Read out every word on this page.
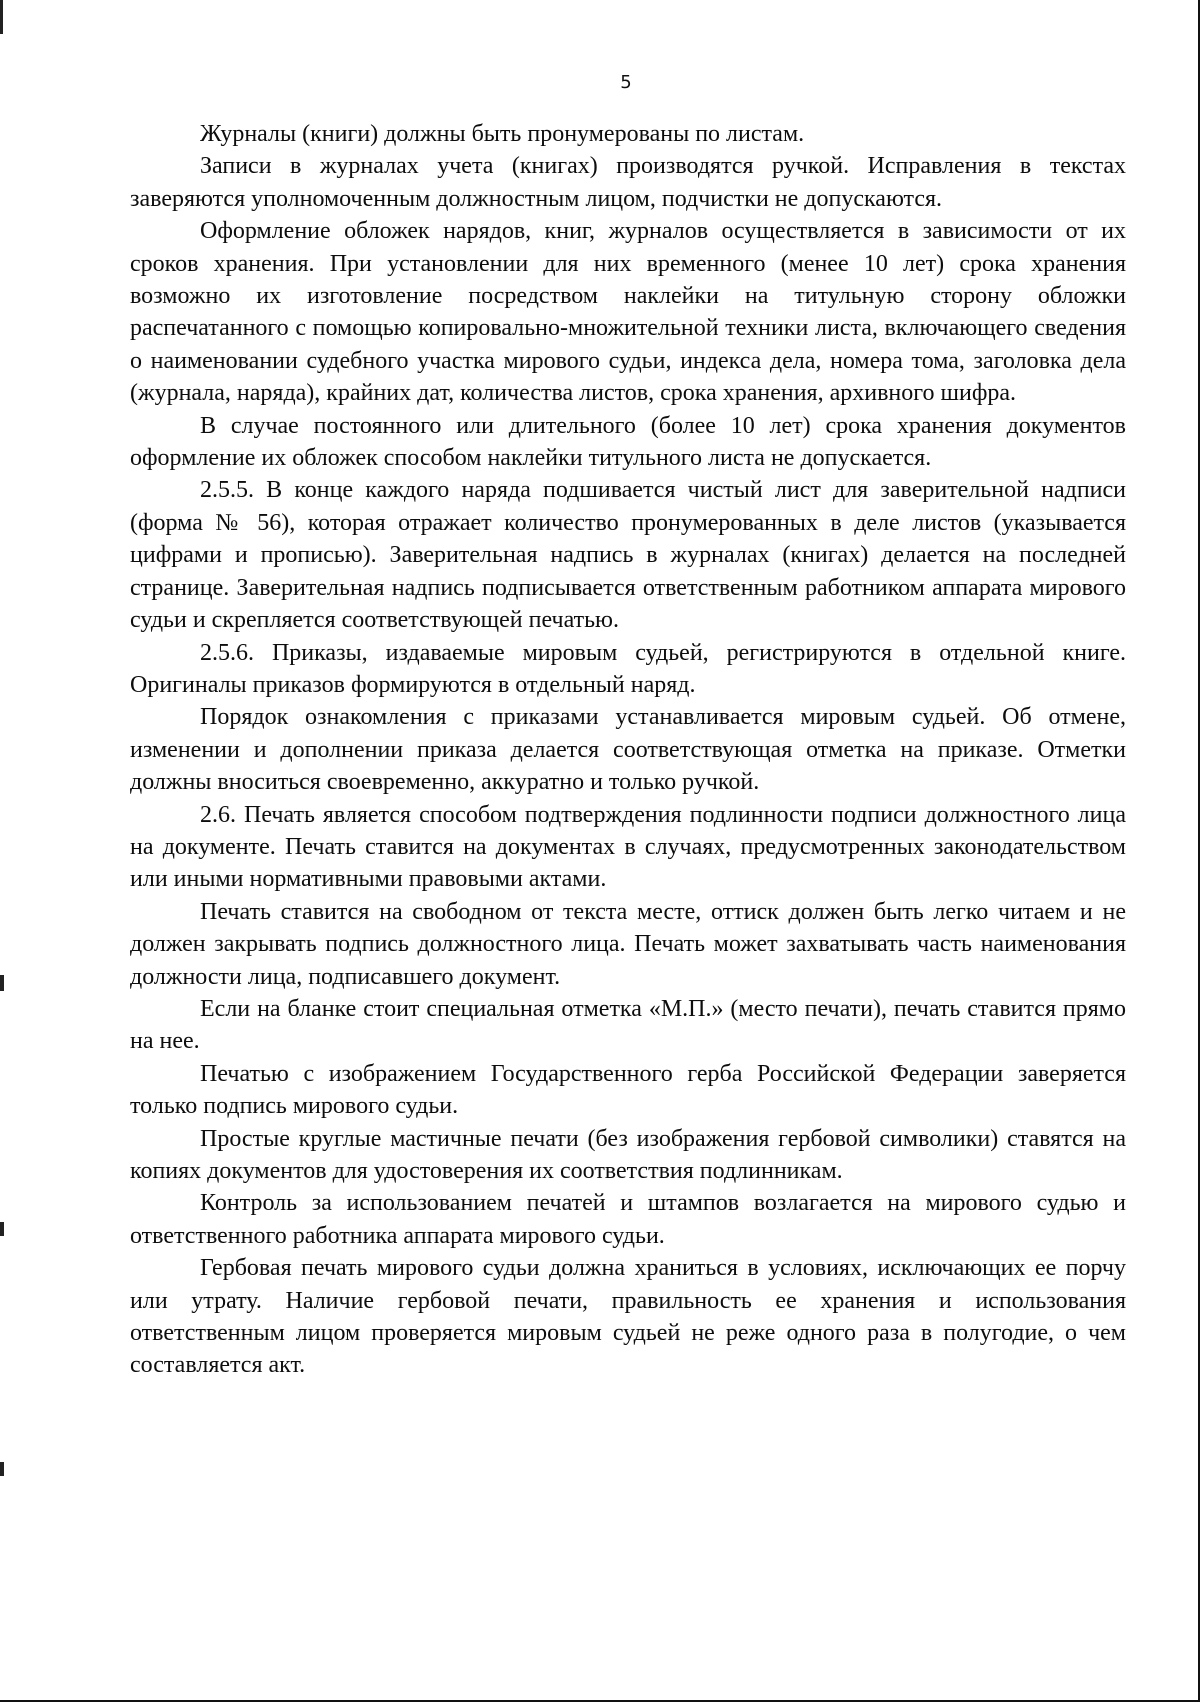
5

Журналы (книги) должны быть пронумерованы по листам.

Записи в журналах учета (книгах) производятся ручкой. Исправления в текстах заверяются уполномоченным должностным лицом, подчистки не допускаются.

Оформление обложек нарядов, книг, журналов осуществляется в зависимости от их сроков хранения. При установлении для них временного (менее 10 лет) срока хранения возможно их изготовление посредством наклейки на титульную сторону обложки распечатанного с помощью копировально-множительной техники листа, включающего сведения о наименовании судебного участка мирового судьи, индекса дела, номера тома, заголовка дела (журнала, наряда), крайних дат, количества листов, срока хранения, архивного шифра.

В случае постоянного или длительного (более 10 лет) срока хранения документов оформление их обложек способом наклейки титульного листа не допускается.

2.5.5. В конце каждого наряда подшивается чистый лист для заверительной надписи (форма № 56), которая отражает количество пронумерованных в деле листов (указывается цифрами и прописью). Заверительная надпись в журналах (книгах) делается на последней странице. Заверительная надпись подписывается ответственным работником аппарата мирового судьи и скрепляется соответствующей печатью.

2.5.6. Приказы, издаваемые мировым судьей, регистрируются в отдельной книге. Оригиналы приказов формируются в отдельный наряд.

Порядок ознакомления с приказами устанавливается мировым судьей. Об отмене, изменении и дополнении приказа делается соответствующая отметка на приказе. Отметки должны вноситься своевременно, аккуратно и только ручкой.

2.6. Печать является способом подтверждения подлинности подписи должностного лица на документе. Печать ставится на документах в случаях, предусмотренных законодательством или иными нормативными правовыми актами.

Печать ставится на свободном от текста месте, оттиск должен быть легко читаем и не должен закрывать подпись должностного лица. Печать может захватывать часть наименования должности лица, подписавшего документ.

Если на бланке стоит специальная отметка «М.П.» (место печати), печать ставится прямо на нее.

Печатью с изображением Государственного герба Российской Федерации заверяется только подпись мирового судьи.

Простые круглые мастичные печати (без изображения гербовой символики) ставятся на копиях документов для удостоверения их соответствия подлинникам.

Контроль за использованием печатей и штампов возлагается на мирового судью и ответственного работника аппарата мирового судьи.

Гербовая печать мирового судьи должна храниться в условиях, исключающих ее порчу или утрату. Наличие гербовой печати, правильность ее хранения и использования ответственным лицом проверяется мировым судьей не реже одного раза в полугодие, о чем составляется акт.
